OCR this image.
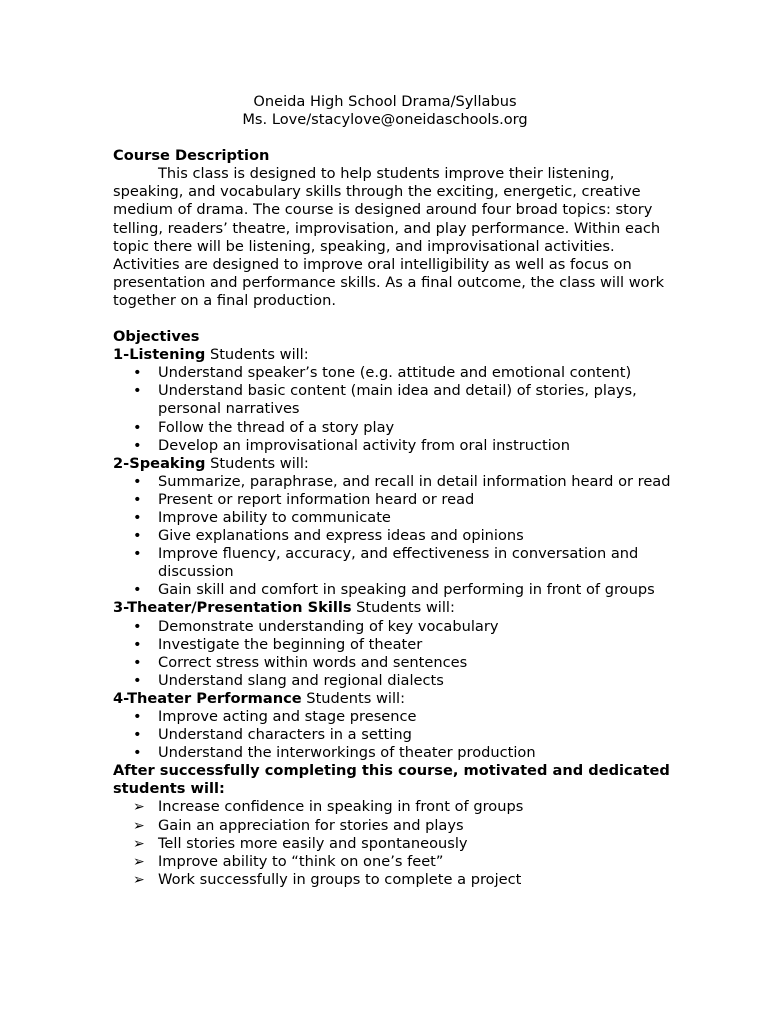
Oneida High School Drama/Syllabus
Ms. Love/stacylove@oneidaschools.org
Course Description

This class is designed to help students improve their listening, speaking, and vocabulary skills through the exciting, energetic, creative medium of drama. The course is designed around four broad topics: story telling, readers’ theatre, improvisation, and play performance. Within each topic there will be listening, speaking, and improvisational activities. Activities are designed to improve oral intelligibility as well as focus on presentation and performance skills. As a final outcome, the class will work together on a final production.

Objectives
1-Listening Students will:
• Understand speaker’s tone (e.g. attitude and emotional content)
• Understand basic content (main idea and detail) of stories, plays, personal narratives
• Follow the thread of a story play
• Develop an improvisational activity from oral instruction
2-Speaking Students will:
• Summarize, paraphrase, and recall in detail information heard or read
• Present or report information heard or read
• Improve ability to communicate
• Give explanations and express ideas and opinions
• Improve fluency, accuracy, and effectiveness in conversation and discussion
• Gain skill and comfort in speaking and performing in front of groups
3-Theater/Presentation Skills Students will:
• Demonstrate understanding of key vocabulary
• Investigate the beginning of theater
• Correct stress within words and sentences
• Understand slang and regional dialects
4-Theater Performance Students will:
• Improve acting and stage presence
• Understand characters in a setting
• Understand the interworkings of theater production
After successfully completing this course, motivated and dedicated students will:
➢ Increase confidence in speaking in front of groups
➢ Gain an appreciation for stories and plays
➢ Tell stories more easily and spontaneously
➢ Improve ability to “think on one’s feet”
➢ Work successfully in groups to complete a project
